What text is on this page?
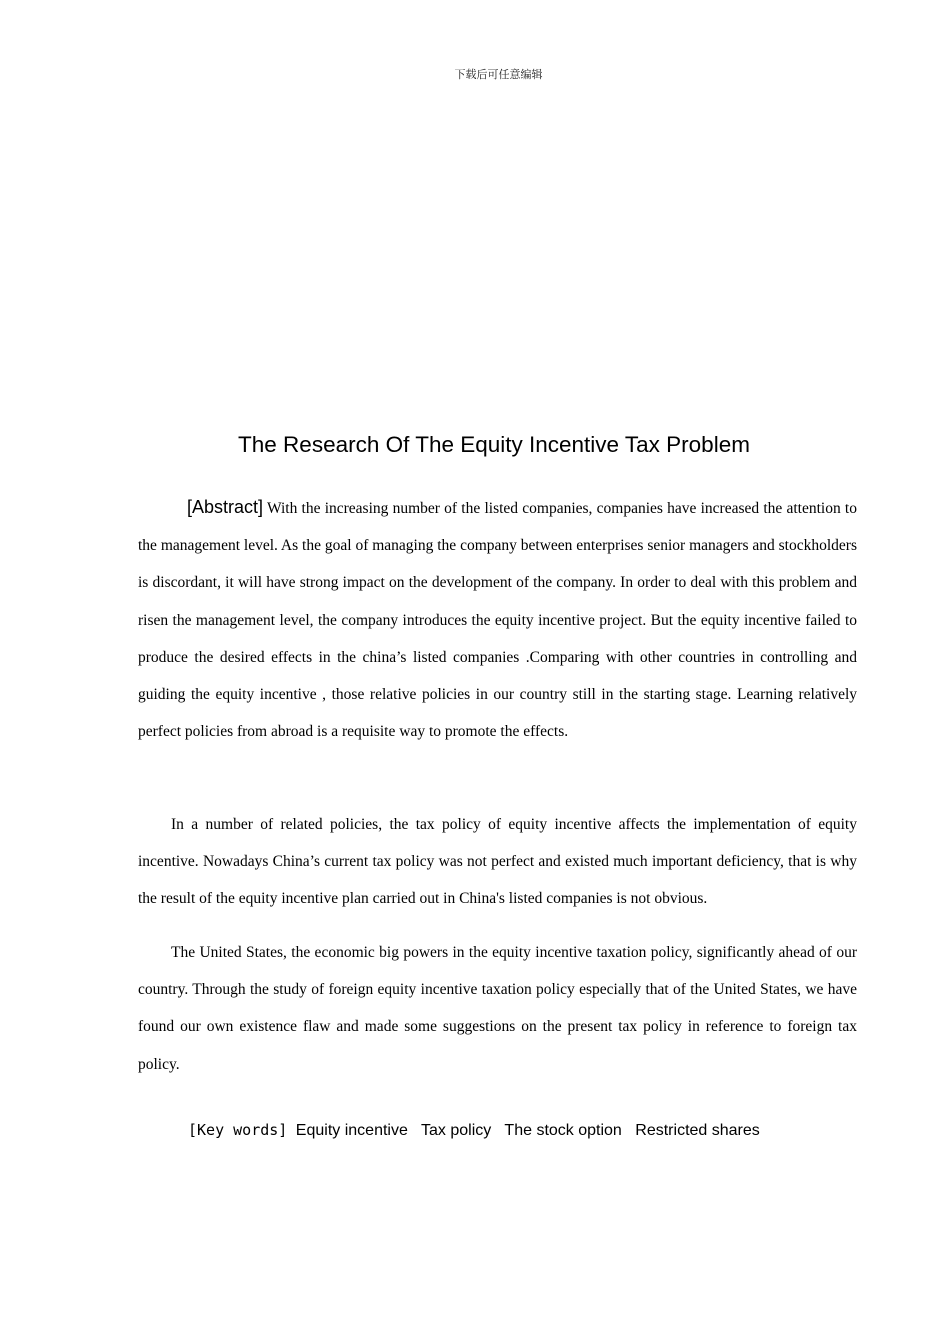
下载后可任意编辑
The Research Of The Equity Incentive Tax Problem

[Abstract] With the increasing number of the listed companies, companies have increased the attention to the management level. As the goal of managing the company between enterprises senior managers and stockholders is discordant, it will have strong impact on the development of the company. In order to deal with this problem and risen the management level, the company introduces the equity incentive project. But the equity incentive failed to produce the desired effects in the china’s listed companies .Comparing with other countries in controlling and guiding the equity incentive , those relative policies in our country still in the starting stage. Learning relatively perfect policies from abroad is a requisite way to promote the effects.

In a number of related policies, the tax policy of equity incentive affects the implementation of equity incentive. Nowadays China’s current tax policy was not perfect and existed much important deficiency, that is why the result of the equity incentive plan carried out in China's listed companies is not obvious.

The United States, the economic big powers in the equity incentive taxation policy, significantly ahead of our country. Through the study of foreign equity incentive taxation policy especially that of the United States, we have found our own existence flaw and made some suggestions on the present tax policy in reference to foreign tax policy.

[Key words] Equity incentive Tax policy The stock option Restricted shares
